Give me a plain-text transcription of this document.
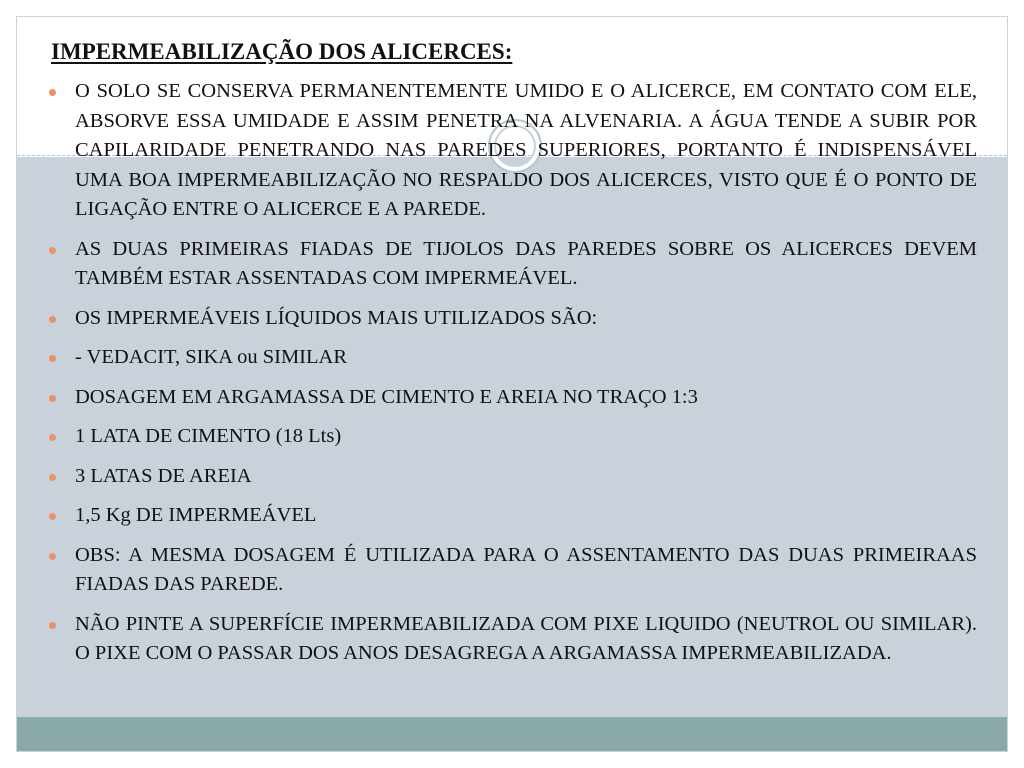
IMPERMEABILIZAÇÃO DOS ALICERCES:
O SOLO SE CONSERVA PERMANENTEMENTE UMIDO E O ALICERCE, EM CONTATO COM ELE, ABSORVE ESSA UMIDADE E ASSIM PENETRA NA ALVENARIA. A ÁGUA TENDE A SUBIR POR CAPILARIDADE PENETRANDO NAS PAREDES SUPERIORES, PORTANTO É INDISPENSÁVEL UMA BOA IMPERMEABILIZAÇÃO NO RESPALDO DOS ALICERCES, VISTO QUE É O PONTO DE LIGAÇÃO ENTRE O ALICERCE E A PAREDE.
AS DUAS PRIMEIRAS FIADAS DE TIJOLOS DAS PAREDES SOBRE OS ALICERCES DEVEM TAMBÉM ESTAR ASSENTADAS COM IMPERMEÁVEL.
OS IMPERMEÁVEIS LÍQUIDOS MAIS UTILIZADOS SÃO:
- VEDACIT, SIKA ou SIMILAR
DOSAGEM EM ARGAMASSA DE CIMENTO E AREIA NO TRAÇO 1:3
1 LATA DE CIMENTO (18 Lts)
3 LATAS DE AREIA
1,5 Kg DE IMPERMEÁVEL
OBS: A MESMA DOSAGEM É UTILIZADA PARA O ASSENTAMENTO DAS DUAS PRIMEIRAAS FIADAS DAS PAREDE.
NÃO PINTE A SUPERFÍCIE IMPERMEABILIZADA COM PIXE LIQUIDO (NEUTROL OU SIMILAR). O PIXE COM O PASSAR DOS ANOS DESAGREGA A ARGAMASSA IMPERMEABILIZADA.
